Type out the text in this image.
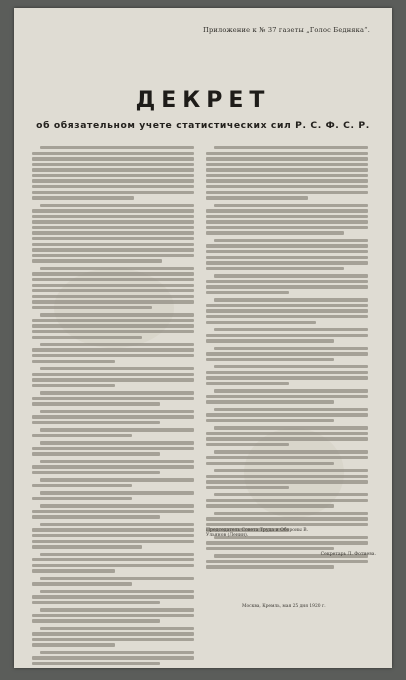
Приложение к № 37 газеты „Голос Бедняка“.
ДЕКРЕТ
об обязательном учете статистических сил Р. С. Ф. С. Р.
Председатель Совета Труда и Обороны В. Ульянов (Ленин).
Секретарь Л. Фотиева.
Москва, Кремль, мая 25 дня 1920 г.
